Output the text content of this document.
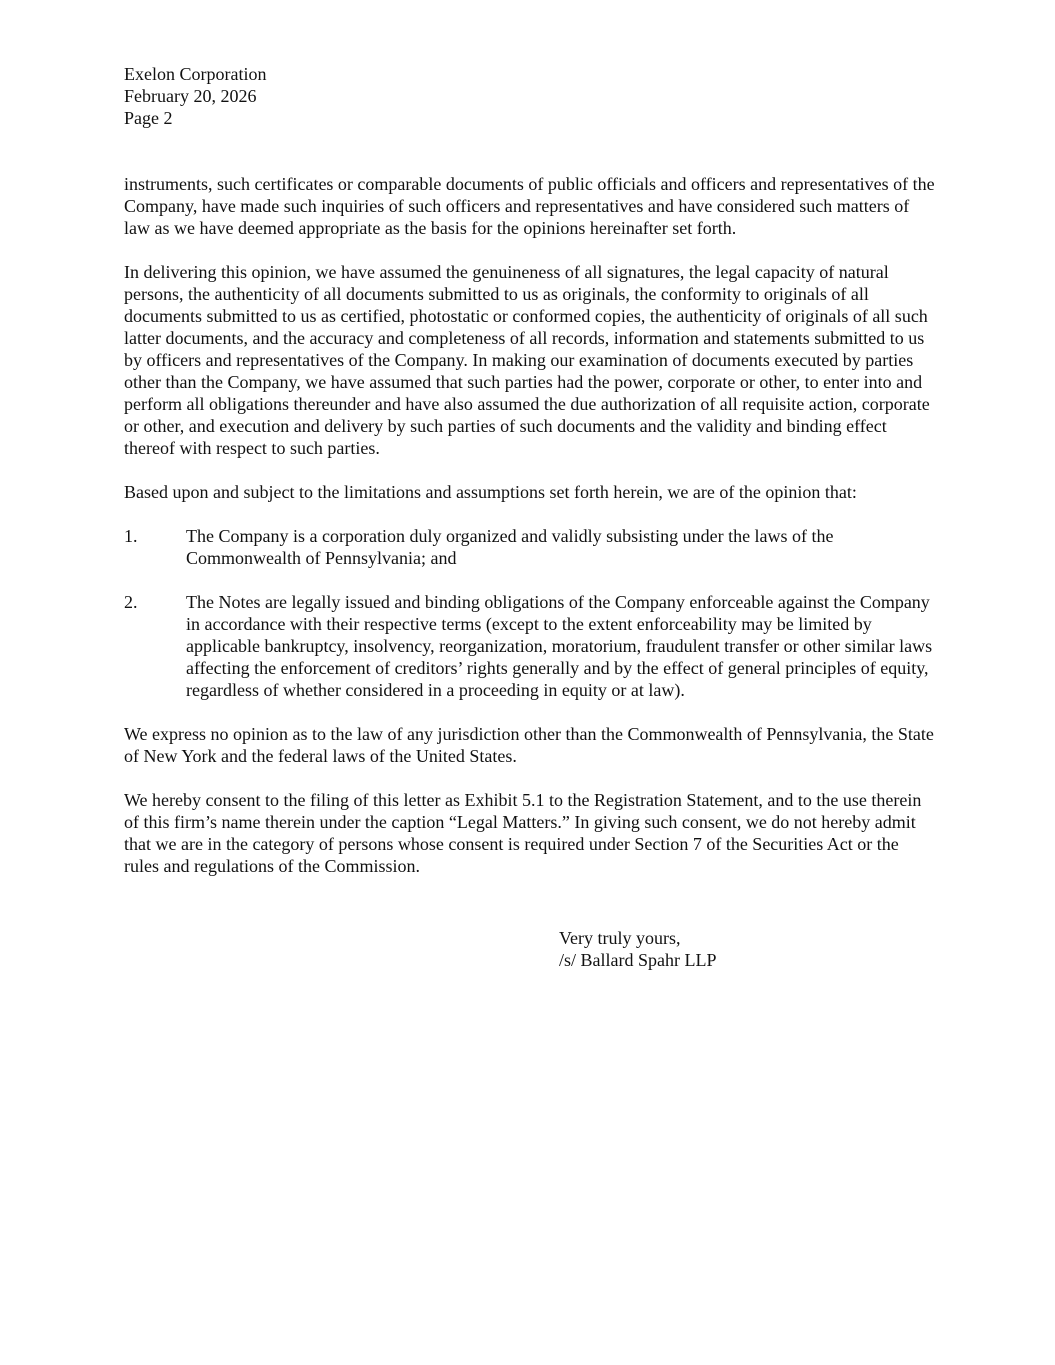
Exelon Corporation
February 20, 2026
Page 2

instruments, such certificates or comparable documents of public officials and officers and representatives of the Company, have made such inquiries of such officers and representatives and have considered such matters of law as we have deemed appropriate as the basis for the opinions hereinafter set forth.

In delivering this opinion, we have assumed the genuineness of all signatures, the legal capacity of natural persons, the authenticity of all documents submitted to us as originals, the conformity to originals of all documents submitted to us as certified, photostatic or conformed copies, the authenticity of originals of all such latter documents, and the accuracy and completeness of all records, information and statements submitted to us by officers and representatives of the Company. In making our examination of documents executed by parties other than the Company, we have assumed that such parties had the power, corporate or other, to enter into and perform all obligations thereunder and have also assumed the due authorization of all requisite action, corporate or other, and execution and delivery by such parties of such documents and the validity and binding effect thereof with respect to such parties.

Based upon and subject to the limitations and assumptions set forth herein, we are of the opinion that:

1.	The Company is a corporation duly organized and validly subsisting under the laws of the Commonwealth of Pennsylvania; and
2.	The Notes are legally issued and binding obligations of the Company enforceable against the Company in accordance with their respective terms (except to the extent enforceability may be limited by applicable bankruptcy, insolvency, reorganization, moratorium, fraudulent transfer or other similar laws affecting the enforcement of creditors’ rights generally and by the effect of general principles of equity, regardless of whether considered in a proceeding in equity or at law).

We express no opinion as to the law of any jurisdiction other than the Commonwealth of Pennsylvania, the State of New York and the federal laws of the United States.

We hereby consent to the filing of this letter as Exhibit 5.1 to the Registration Statement, and to the use therein of this firm’s name therein under the caption “Legal Matters.” In giving such consent, we do not hereby admit that we are in the category of persons whose consent is required under Section 7 of the Securities Act or the rules and regulations of the Commission.

Very truly yours,
/s/ Ballard Spahr LLP
